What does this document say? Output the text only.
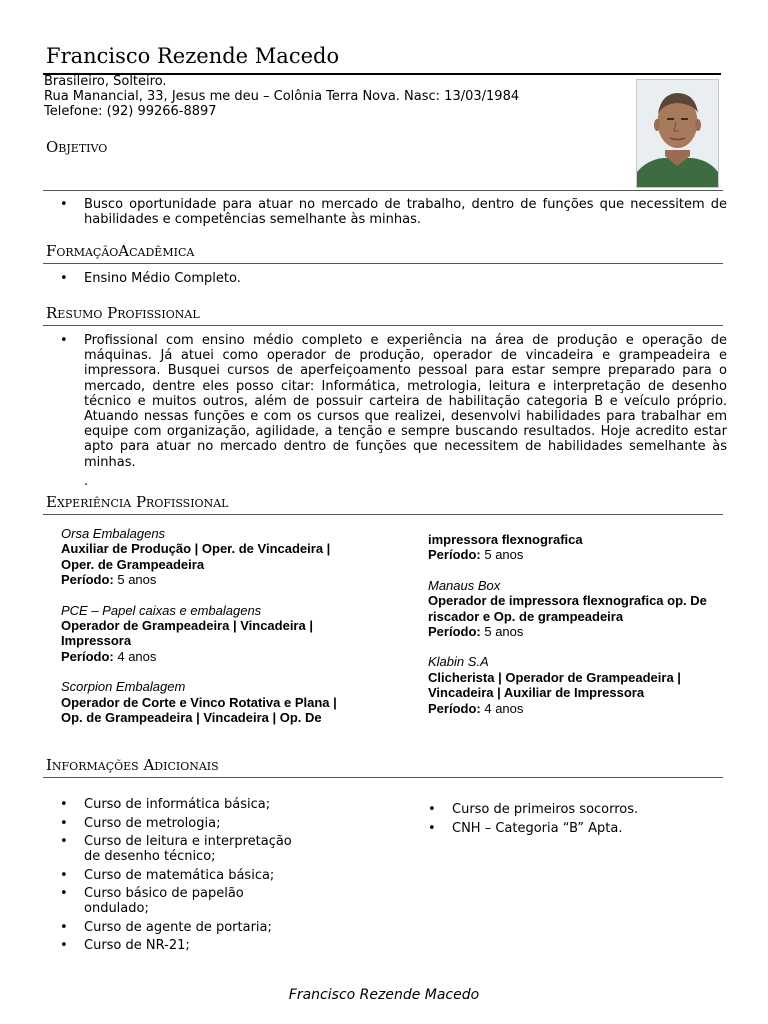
Francisco Rezende Macedo
Brasileiro, Solteiro.
Rua Manancial, 33, Jesus me deu – Colônia Terra Nova. Nasc: 13/03/1984
Telefone: (92) 99266-8897
Objetivo
• Busco oportunidade para atuar no mercado de trabalho, dentro de funções que necessitem de habilidades e competências semelhante às minhas.
FormaçãoAcadêmica
• Ensino Médio Completo.
Resumo Profissional
• Profissional com ensino médio completo e experiência na área de produção e operação de máquinas. Já atuei como operador de produção, operador de vincadeira e grampeadeira e impressora. Busquei cursos de aperfeiçoamento pessoal para estar sempre preparado para o mercado, dentre eles posso citar: Informática, metrologia, leitura e interpretação de desenho técnico e muitos outros, além de possuir carteira de habilitação categoria B e veículo próprio. Atuando nessas funções e com os cursos que realizei, desenvolvi habilidades para trabalhar em equipe com organização, agilidade, a tenção e sempre buscando resultados. Hoje acredito estar apto para atuar no mercado dentro de funções que necessitem de habilidades semelhante às minhas.
.
Experiência Profissional
Orsa Embalagens
Auxiliar de Produção | Oper. de Vincadeira | Oper. de Grampeadeira
Período: 5 anos
PCE – Papel caixas e embalagens
Operador de Grampeadeira | Vincadeira | Impressora
Período: 4 anos
Scorpion Embalagem
Operador de Corte e Vinco Rotativa e Plana | Op. de Grampeadeira | Vincadeira | Op. De
impressora flexnografica
Período: 5 anos
Manaus Box
Operador de impressora flexnografica op. De riscador e Op. de grampeadeira
Período: 5 anos
Klabin S.A
Clicherista | Operador de Grampeadeira | Vincadeira | Auxiliar de Impressora
Período: 4 anos
Informações Adicionais
• Curso de informática básica;
• Curso de metrologia;
• Curso de leitura e interpretação de desenho técnico;
• Curso de matemática básica;
• Curso básico de papelão ondulado;
• Curso de agente de portaria;
• Curso de NR-21;
• Curso de primeiros socorros.
• CNH – Categoria “B” Apta.
Francisco Rezende Macedo
